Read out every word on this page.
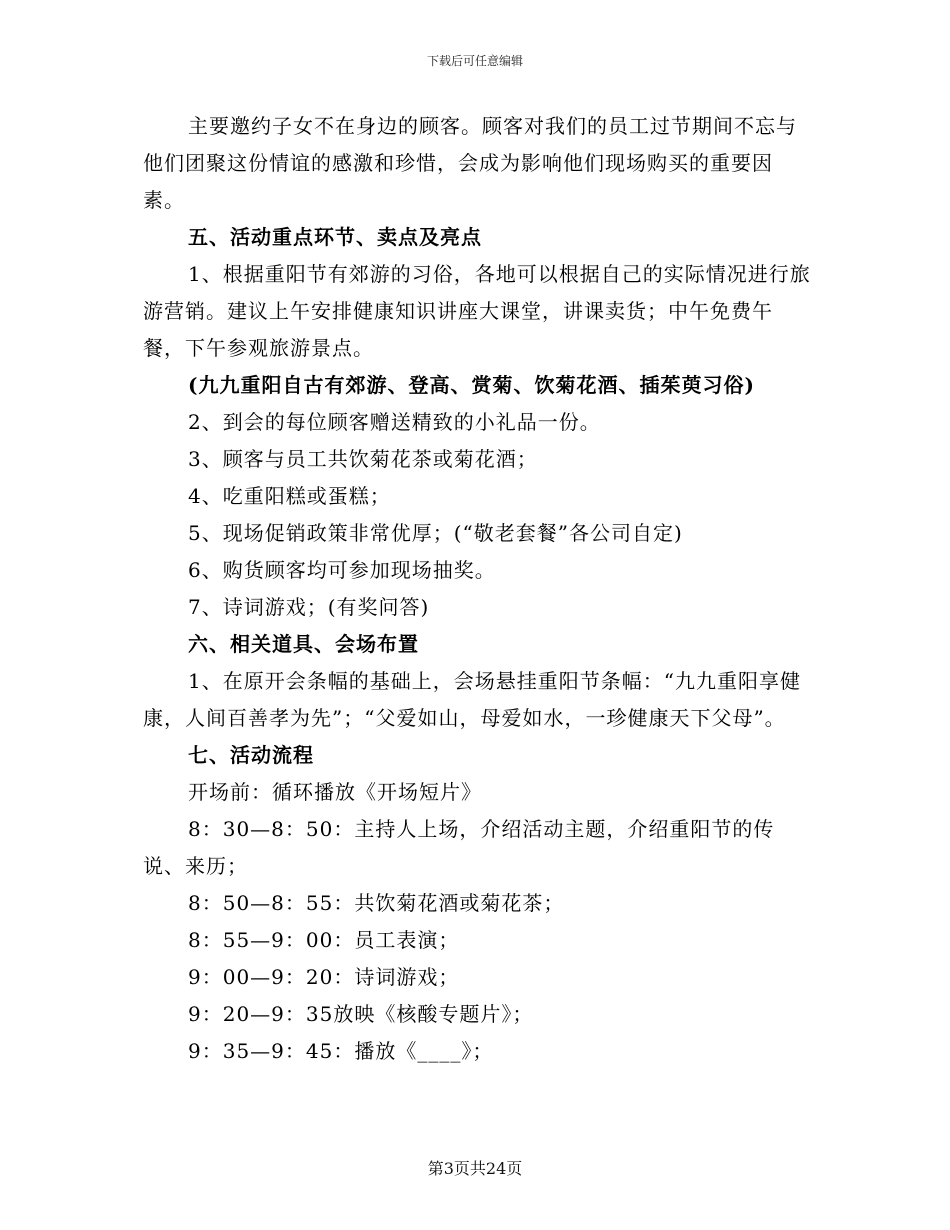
下载后可任意编辑

主要邀约子女不在身边的顾客。顾客对我们的员工过节期间不忘与他们团聚这份情谊的感激和珍惜，会成为影响他们现场购买的重要因素。

五、活动重点环节、卖点及亮点

1、根据重阳节有郊游的习俗，各地可以根据自己的实际情况进行旅游营销。建议上午安排健康知识讲座大课堂，讲课卖货；中午免费午餐，下午参观旅游景点。

(九九重阳自古有郊游、登高、赏菊、饮菊花酒、插茱萸习俗)

2、到会的每位顾客赠送精致的小礼品一份。

3、顾客与员工共饮菊花茶或菊花酒；

4、吃重阳糕或蛋糕；

5、现场促销政策非常优厚；(“敬老套餐”各公司自定)

6、购货顾客均可参加现场抽奖。

7、诗词游戏；(有奖问答)

六、相关道具、会场布置

1、在原开会条幅的基础上，会场悬挂重阳节条幅：“九九重阳享健康，人间百善孝为先”；“父爱如山，母爱如水，一珍健康天下父母”。

七、活动流程

开场前：循环播放《开场短片》

8：30—8：50：主持人上场，介绍活动主题，介绍重阳节的传说、来历；

8：50—8：55：共饮菊花酒或菊花茶；

8：55—9：00：员工表演；

9：00—9：20：诗词游戏；

9：20—9：35放映《核酸专题片》；

9：35—9：45：播放《____》；

第3页共24页
